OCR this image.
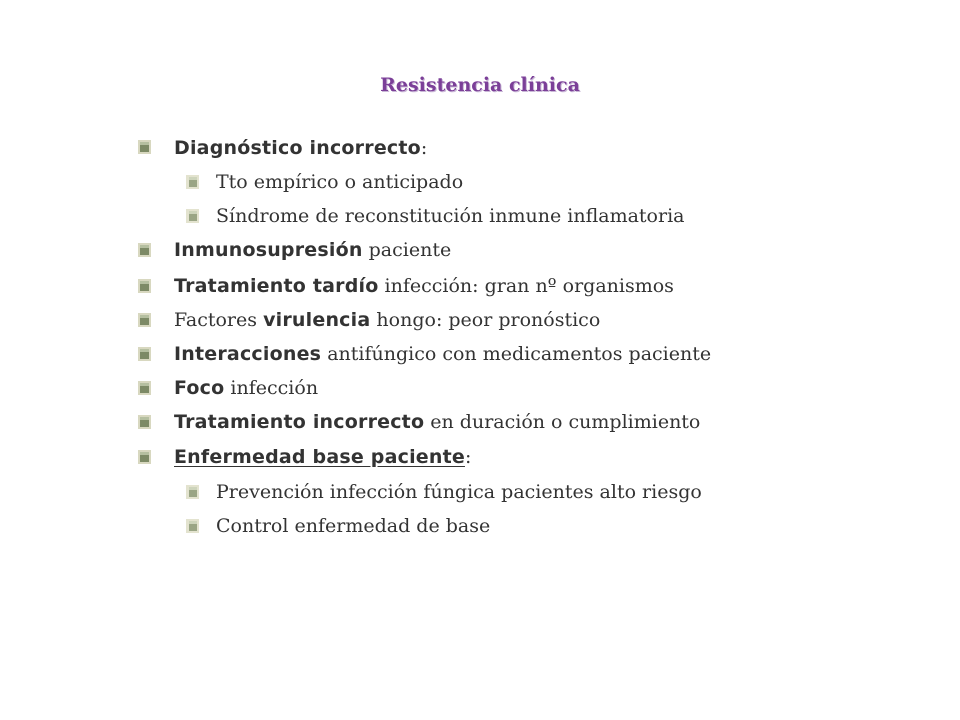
Resistencia clínica
Diagnóstico incorrecto:
Tto empírico o anticipado
Síndrome de reconstitución inmune inflamatoria
Inmunosupresión paciente
Tratamiento tardío infección: gran nº organismos
Factores virulencia hongo: peor pronóstico
Interacciones antifúngico con medicamentos paciente
Foco infección
Tratamiento incorrecto en duración o cumplimiento
Enfermedad base paciente:
Prevención infección fúngica pacientes alto riesgo
Control enfermedad de base
